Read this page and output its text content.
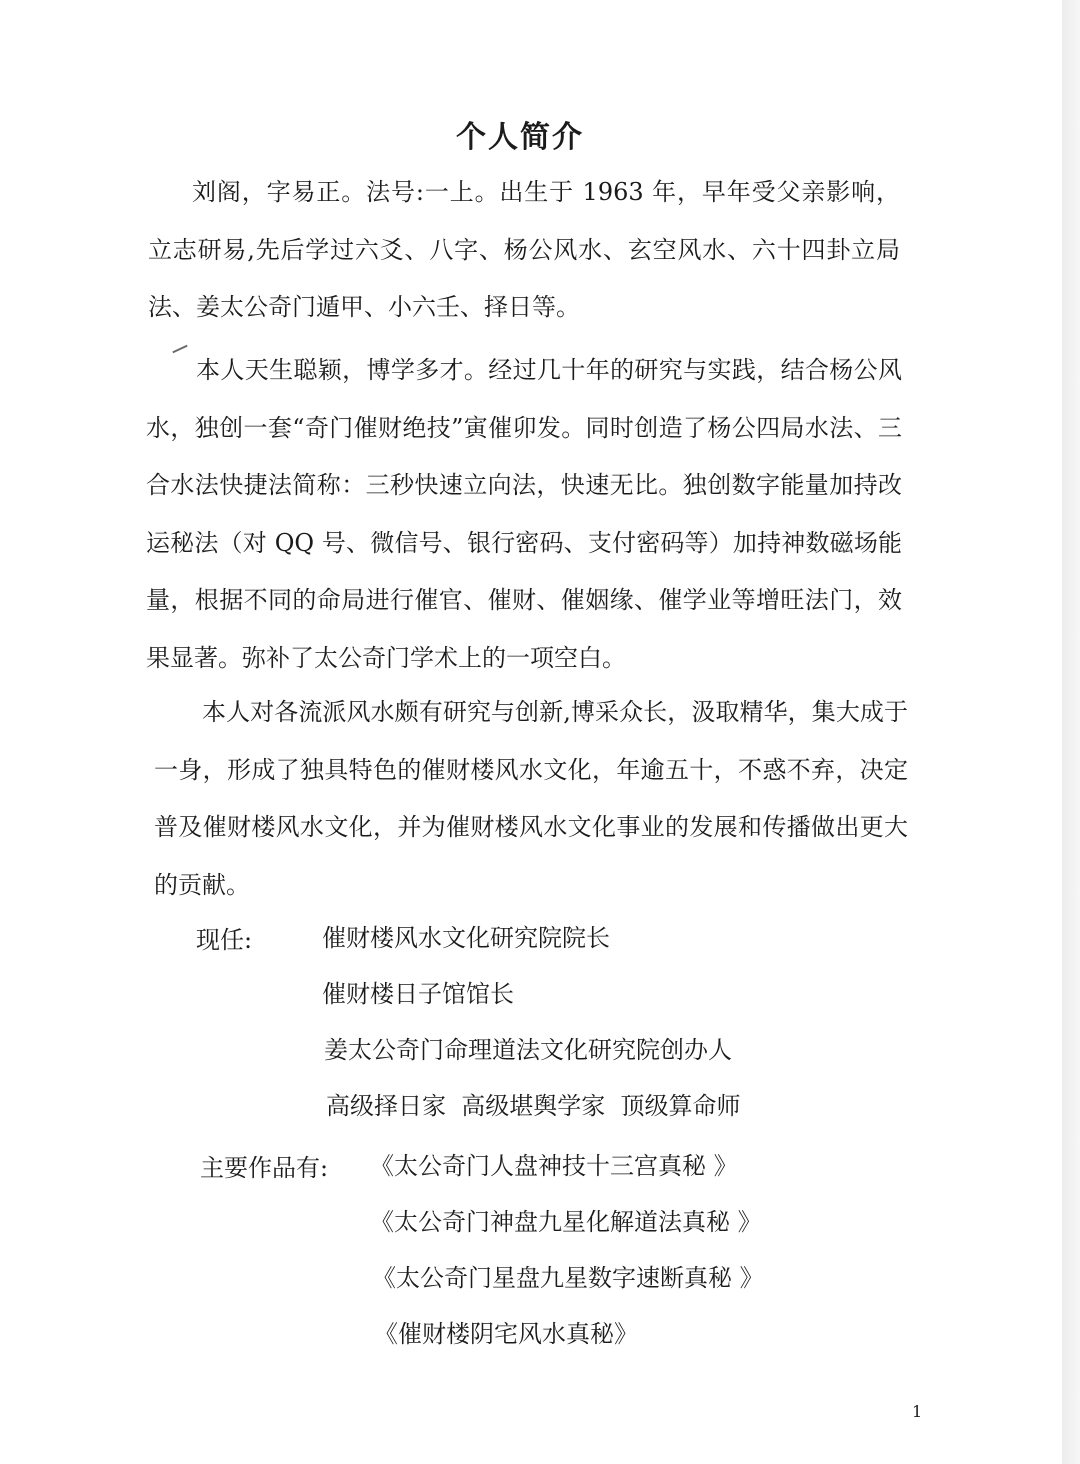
个人简介

刘阁，字易正。法号:一上。出生于 1963 年，早年受父亲影响，立志研易,先后学过六爻、八字、杨公风水、玄空风水、六十四卦立局法、姜太公奇门遁甲、小六壬、择日等。

本人天生聪颖，博学多才。经过几十年的研究与实践，结合杨公风水，独创一套“奇门催财绝技”寅催卯发。同时创造了杨公四局水法、三合水法快捷法简称：三秒快速立向法，快速无比。独创数字能量加持改运秘法（对 QQ 号、微信号、银行密码、支付密码等）加持神数磁场能量，根据不同的命局进行催官、催财、催姻缘、催学业等增旺法门，效果显著。弥补了太公奇门学术上的一项空白。

本人对各流派风水颇有研究与创新,博采众长，汲取精华，集大成于一身，形成了独具特色的催财楼风水文化，年逾五十，不惑不弃，决定普及催财楼风水文化，并为催财楼风水文化事业的发展和传播做出更大的贡献。

现任:	催财楼风水文化研究院院长

催财楼日子馆馆长

姜太公奇门命理道法文化研究院创办人

高级择日家  高级堪舆学家  顶级算命师

主要作品有: 《太公奇门人盘神技十三宫真秘 》

《太公奇门神盘九星化解道法真秘 》

《太公奇门星盘九星数字速断真秘 》

《催财楼阴宅风水真秘》

1
